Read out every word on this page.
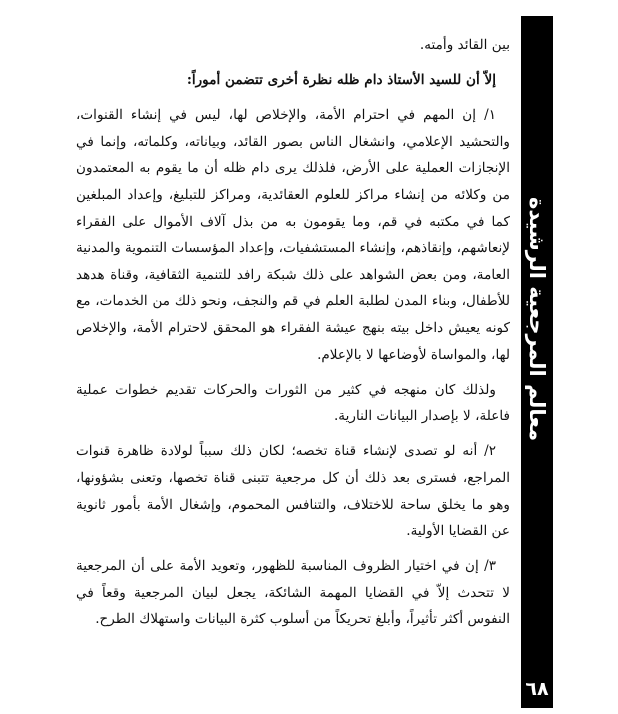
معالم المرجعية الرشيدة
٦٨

بين القائد وأمته.

إلاّ أن للسيد الأستاذ دام ظله نظرة أخرى تتضمن أموراً:

١/ إن المهم في احترام الأمة، والإخلاص لها، ليس في إنشاء القنوات، والتحشيد الإعلامي، وانشغال الناس بصور القائد، وبياناته، وكلماته، وإنما في الإنجازات العملية على الأرض، فلذلك يرى دام ظله أن ما يقوم به المعتمدون من وكلائه من إنشاء مراكز للعلوم العقائدية، ومراكز للتبليغ، وإعداد المبلغين كما في مكتبه في قم، وما يقومون به من بذل آلاف الأموال على الفقراء لإنعاشهم، وإنقاذهم، وإنشاء المستشفيات، وإعداد المؤسسات التنموية والمدنية العامة، ومن بعض الشواهد على ذلك شبكة رافد للتنمية الثقافية، وقناة هدهد للأطفال، وبناء المدن لطلبة العلم في قم والنجف، ونحو ذلك من الخدمات، مع كونه يعيش داخل بيته بنهج عيشة الفقراء هو المحقق لاحترام الأمة، والإخلاص لها، والمواساة لأوضاعها لا بالإعلام.

ولذلك كان منهجه في كثير من الثورات والحركات تقديم خطوات عملية فاعلة، لا بإصدار البيانات النارية.

٢/ أنه لو تصدى لإنشاء قناة تخصه؛ لكان ذلك سبباً لولادة ظاهرة قنوات المراجع، فسترى بعد ذلك أن كل مرجعية تتبنى قناة تخصها، وتعنى بشؤونها، وهو ما يخلق ساحة للاختلاف، والتنافس المحموم، وإشغال الأمة بأمور ثانوية عن القضايا الأولية.

٣/ إن في اختيار الظروف المناسبة للظهور، وتعويد الأمة على أن المرجعية لا تتحدث إلاّ في القضايا المهمة الشائكة، يجعل لبيان المرجعية وقعاً في النفوس أكثر تأثيراً، وأبلغ تحريكاً من أسلوب كثرة البيانات واستهلاك الطرح.
